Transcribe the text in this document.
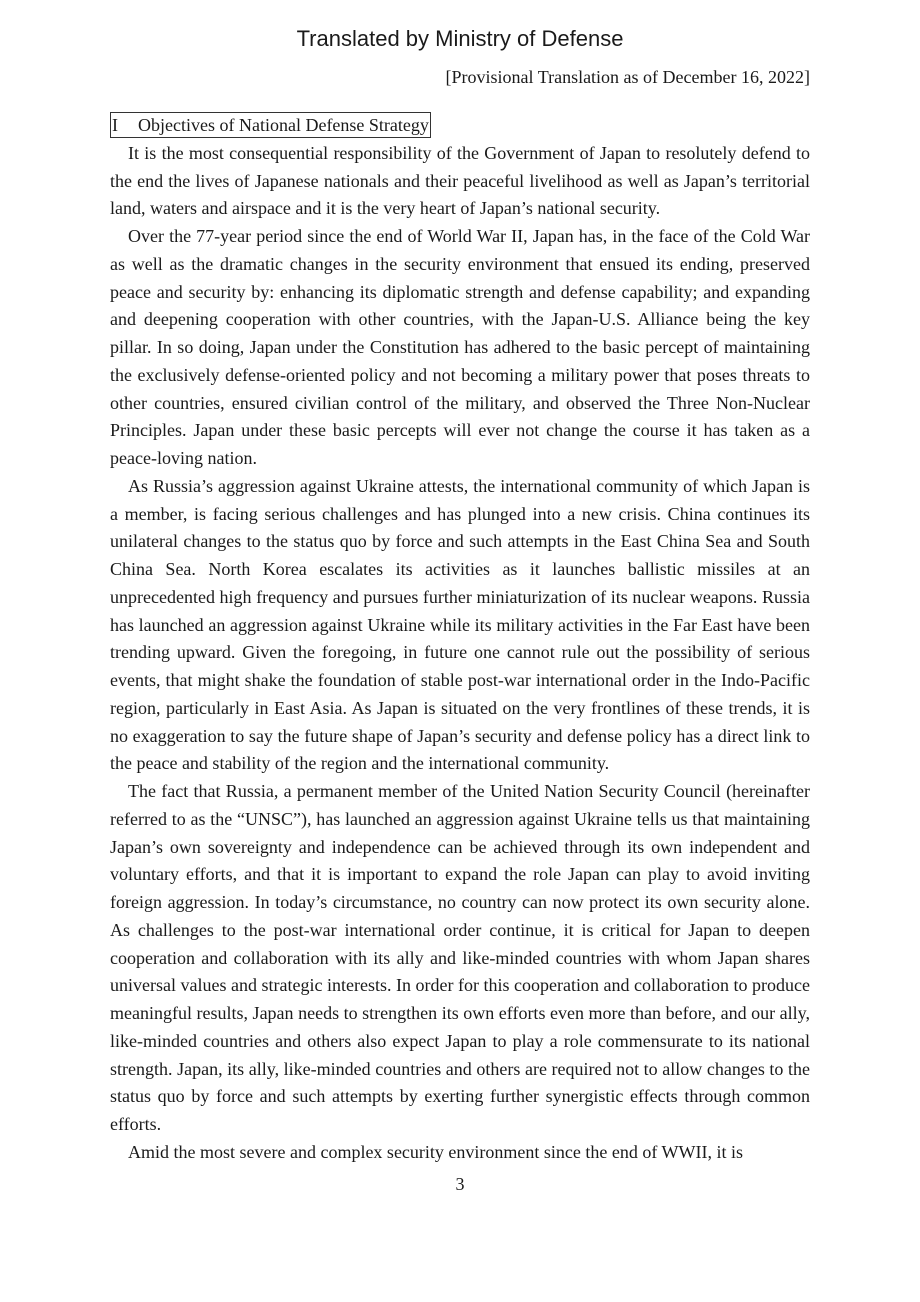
Translated by Ministry of Defense
[Provisional Translation as of December 16, 2022]
I Objectives of National Defense Strategy

It is the most consequential responsibility of the Government of Japan to resolutely defend to the end the lives of Japanese nationals and their peaceful livelihood as well as Japan’s territorial land, waters and airspace and it is the very heart of Japan’s national security.

Over the 77-year period since the end of World War II, Japan has, in the face of the Cold War as well as the dramatic changes in the security environment that ensued its ending, preserved peace and security by: enhancing its diplomatic strength and defense capability; and expanding and deepening cooperation with other countries, with the Japan-U.S. Alliance being the key pillar. In so doing, Japan under the Constitution has adhered to the basic percept of maintaining the exclusively defense-oriented policy and not becoming a military power that poses threats to other countries, ensured civilian control of the military, and observed the Three Non-Nuclear Principles. Japan under these basic percepts will ever not change the course it has taken as a peace-loving nation.

As Russia’s aggression against Ukraine attests, the international community of which Japan is a member, is facing serious challenges and has plunged into a new crisis. China continues its unilateral changes to the status quo by force and such attempts in the East China Sea and South China Sea. North Korea escalates its activities as it launches ballistic missiles at an unprecedented high frequency and pursues further miniaturization of its nuclear weapons. Russia has launched an aggression against Ukraine while its military activities in the Far East have been trending upward. Given the foregoing, in future one cannot rule out the possibility of serious events, that might shake the foundation of stable post-war international order in the Indo-Pacific region, particularly in East Asia. As Japan is situated on the very frontlines of these trends, it is no exaggeration to say the future shape of Japan’s security and defense policy has a direct link to the peace and stability of the region and the international community.

The fact that Russia, a permanent member of the United Nation Security Council (hereinafter referred to as the “UNSC”), has launched an aggression against Ukraine tells us that maintaining Japan’s own sovereignty and independence can be achieved through its own independent and voluntary efforts, and that it is important to expand the role Japan can play to avoid inviting foreign aggression. In today’s circumstance, no country can now protect its own security alone. As challenges to the post-war international order continue, it is critical for Japan to deepen cooperation and collaboration with its ally and like-minded countries with whom Japan shares universal values and strategic interests. In order for this cooperation and collaboration to produce meaningful results, Japan needs to strengthen its own efforts even more than before, and our ally, like-minded countries and others also expect Japan to play a role commensurate to its national strength. Japan, its ally, like-minded countries and others are required not to allow changes to the status quo by force and such attempts by exerting further synergistic effects through common efforts.

Amid the most severe and complex security environment since the end of WWII, it is

3
